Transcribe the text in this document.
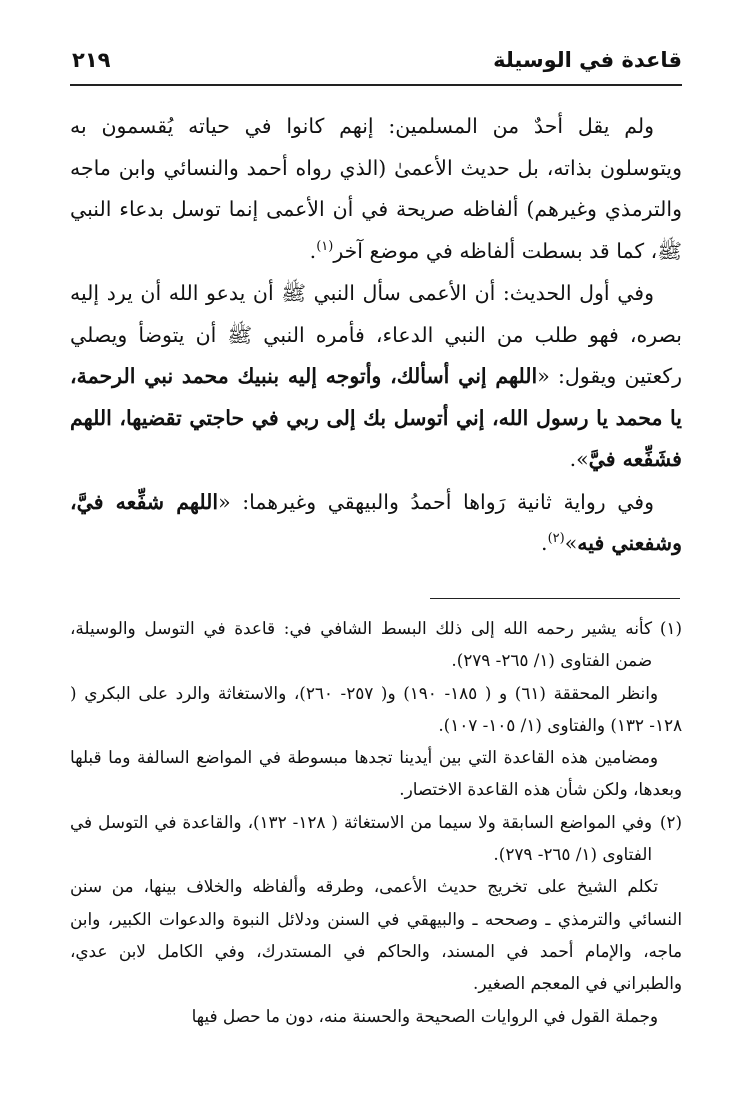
قاعدة في الوسيلة
٢١٩

ولم يقل أحدٌ من المسلمين: إنهم كانوا في حياته يُقسمون به ويتوسلون بذاته، بل حديث الأعمىٰ (الذي رواه أحمد والنسائي وابن ماجه والترمذي وغيرهم) ألفاظه صريحة في أن الأعمى إنما توسل بدعاء النبي ﷺ، كما قد بسطت ألفاظه في موضع آخر$^{(١)}$.

وفي أول الحديث: أن الأعمى سأل النبي ﷺ أن يدعو الله أن يرد إليه بصره، فهو طلب من النبي الدعاء، فأمره النبي ﷺ أن يتوضأ ويصلي ركعتين ويقول: «اللهم إني أسألك، وأتوجه إليه بنبيك محمد نبي الرحمة، يا محمد يا رسول الله، إني أتوسل بك إلى ربي في حاجتي تقضيها، اللهم فشَفِّعه فيَّ».

وفي رواية ثانية رَواها أحمدُ والبيهقي وغيرهما: «اللهم شفِّعه فيَّ، وشفعني فيه»$^{(٢)}$.

(١)
كأنه يشير رحمه الله إلى ذلك البسط الشافي في: قاعدة في التوسل والوسيلة، ضمن الفتاوى (١/ ٢٦٥- ٢٧٩).

وانظر المحققة (٦١) و ( ١٨٥- ١٩٠) و( ٢٥٧- ٢٦٠)، والاستغاثة والرد على البكري ( ١٢٨- ١٣٢) والفتاوى (١/ ١٠٥- ١٠٧).

ومضامين هذه القاعدة التي بين أيدينا تجدها مبسوطة في المواضع السالفة وما قبلها وبعدها، ولكن شأن هذه القاعدة الاختصار.

(٢)
وفي المواضع السابقة ولا سيما من الاستغاثة ( ١٢٨- ١٣٢)، والقاعدة في التوسل في الفتاوى (١/ ٢٦٥- ٢٧٩).

تكلم الشيخ على تخريج حديث الأعمى، وطرقه وألفاظه والخلاف بينها، من سنن النسائي والترمذي ـ وصححه ـ والبيهقي في السنن ودلائل النبوة والدعوات الكبير، وابن ماجه، والإمام أحمد في المسند، والحاكم في المستدرك، وفي الكامل لابن عدي، والطبراني في المعجم الصغير.

وجملة القول في الروايات الصحيحة والحسنة منه، دون ما حصل فيها
